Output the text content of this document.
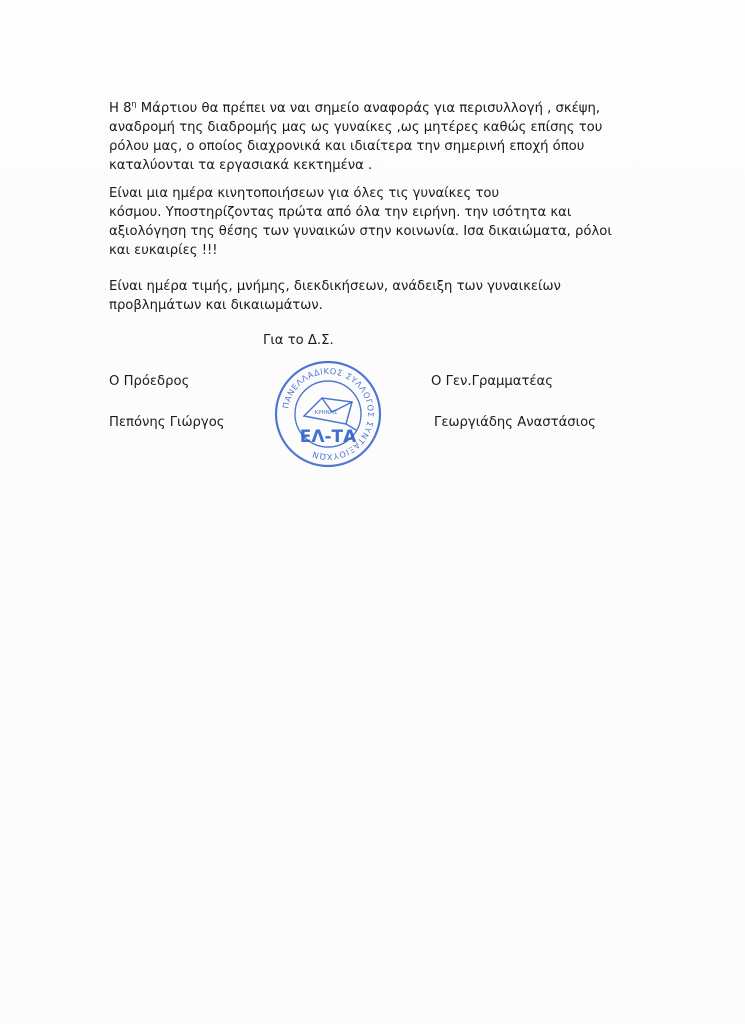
Η $8^\eta$ Μάρτιου θα πρέπει να ναι σημείο αναφοράς για περισυλλογή , σκέψη,
αναδρομή της διαδρομής μας ως γυναίκες ,ως μητέρες καθώς επίσης του
ρόλου μας, ο οποίος διαχρονικά και ιδιαίτερα την σημερινή εποχή όπου
καταλύονται τα εργασιακά κεκτημένα .

Είναι μια ημέρα κινητοποιήσεων για όλες τις γυναίκες του
κόσμου. Υποστηρίζοντας πρώτα από όλα την ειρήνη. την ισότητα και
αξιολόγηση της θέσης των γυναικών στην κοινωνία. Ισα δικαιώματα, ρόλοι
και ευκαιρίες !!!

Είναι ημέρα τιμής, μνήμης, διεκδικήσεων, ανάδειξη των γυναικείων
προβλημάτων και δικαιωμάτων.

Για το Δ.Σ.
Ο Πρόεδρος
Πεπόνης Γιώργος
Ο Γεν.Γραμματέας
Γεωργιάδης Αναστάσιος
ΠΑΝΕΛΛΑΔΙΚΟΣ ΣΥΛΛΟΓΟΣ ΣΥΝΤΑΞΙΟΥΧΩΝ
ΚΡΗΝΗΣ
ΕΛ-ΤΑ
